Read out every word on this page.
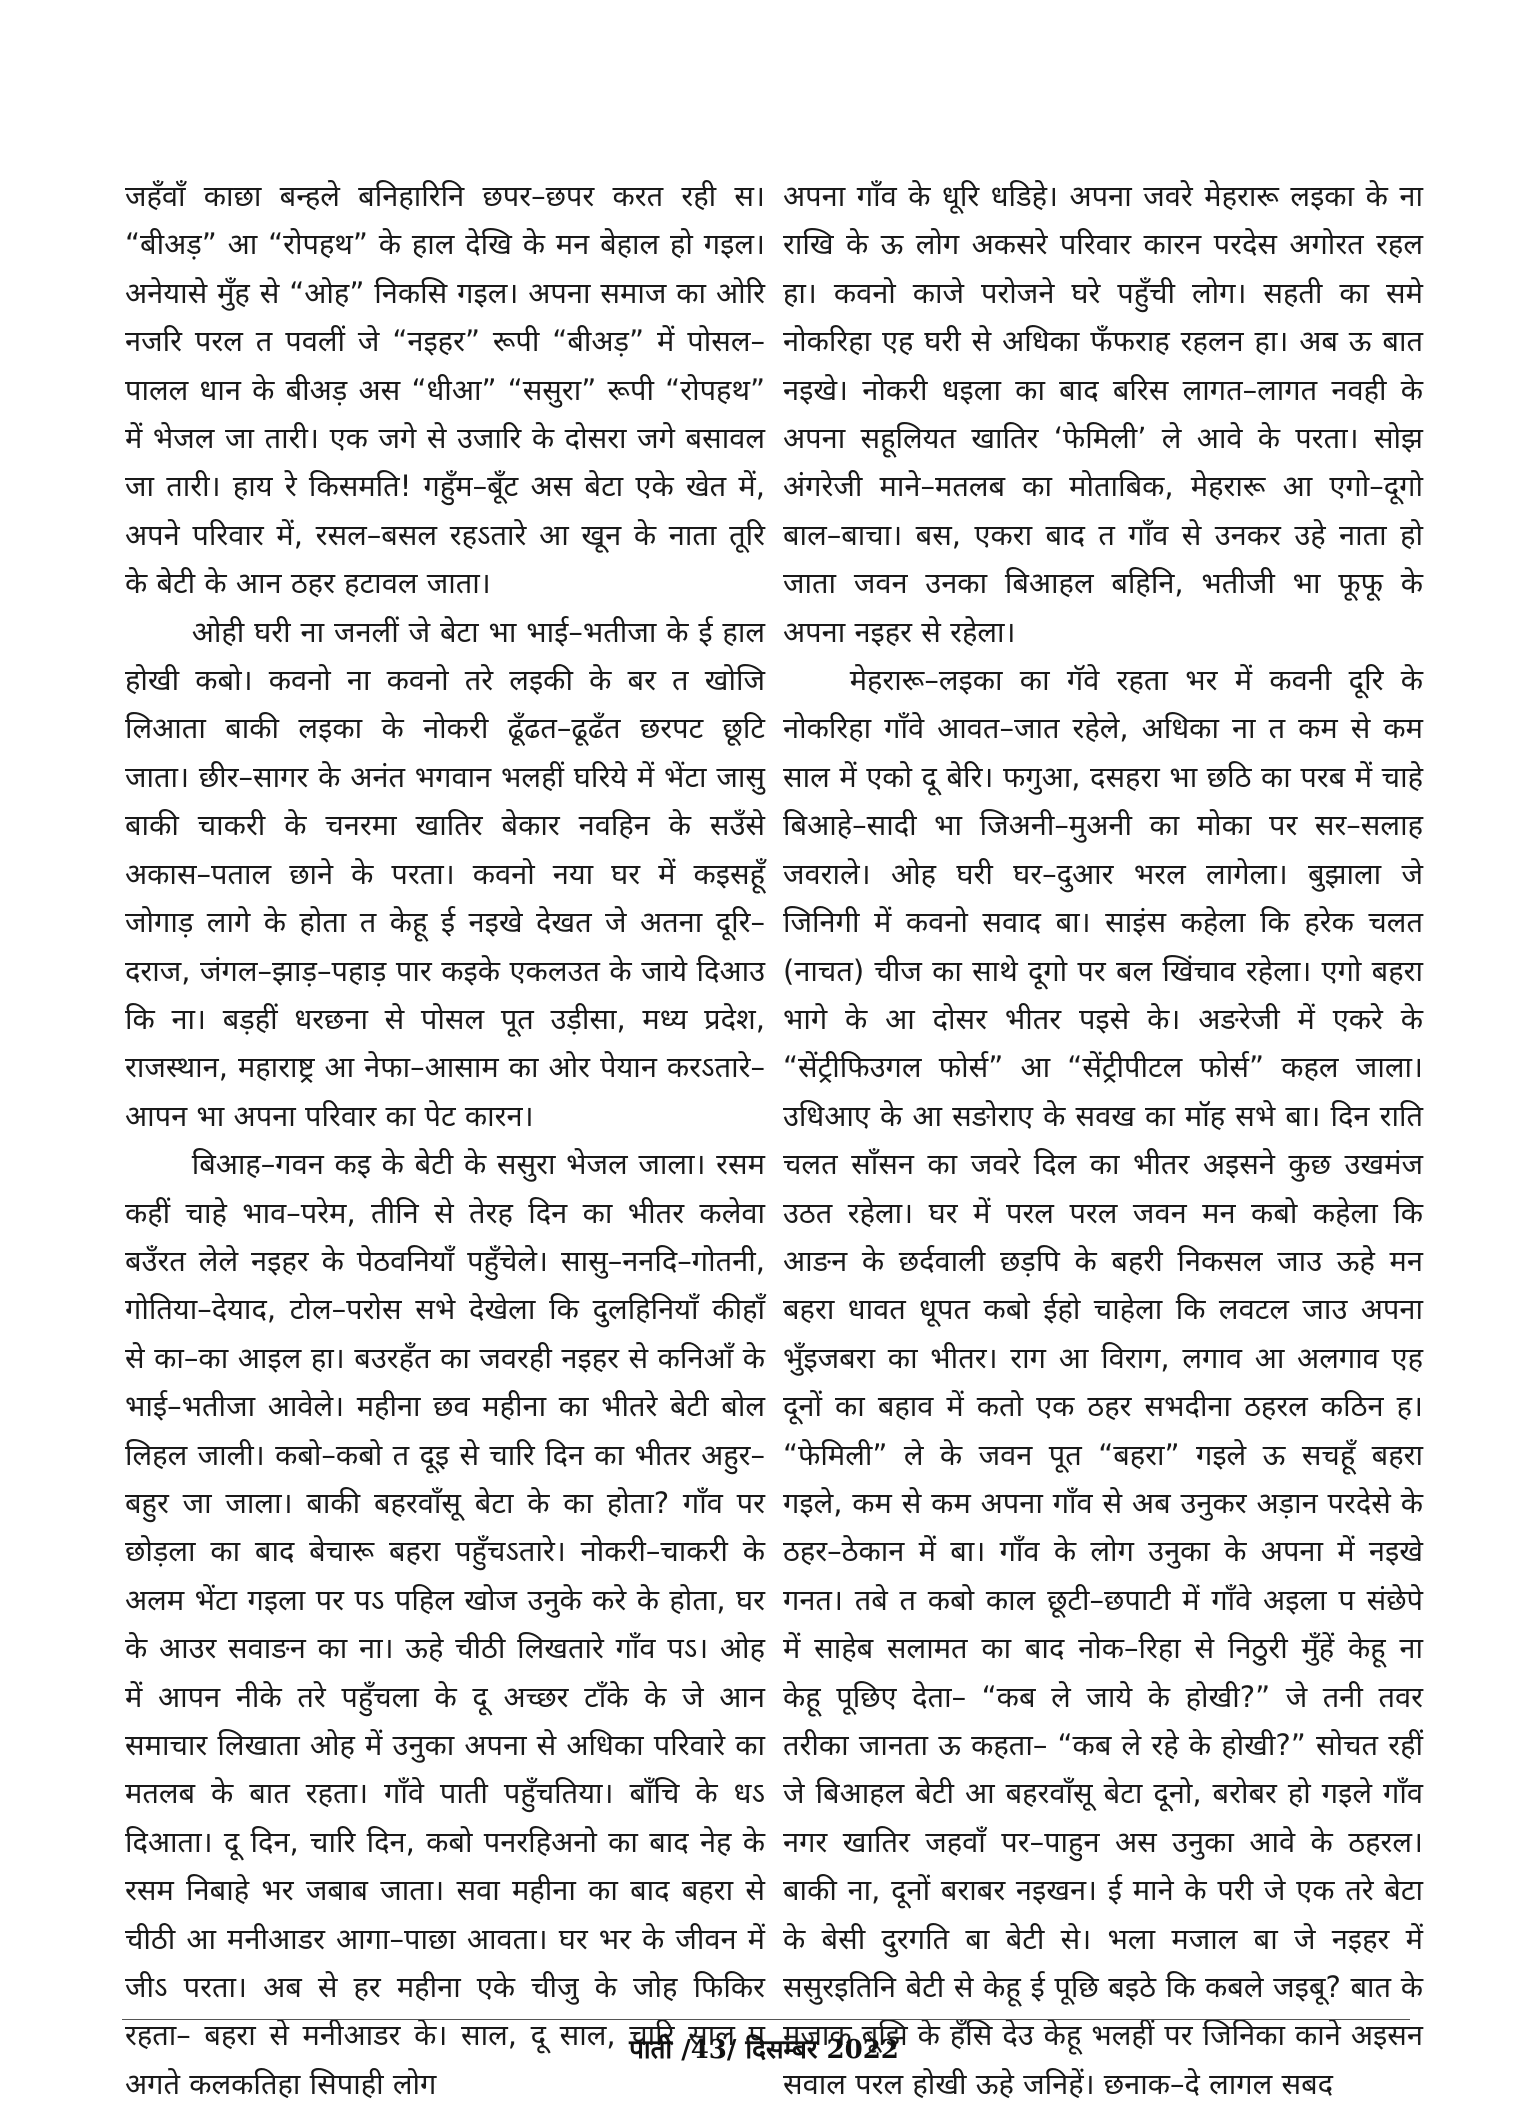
जहँवाँ काछा बन्हले बनिहारिनि छपर–छपर करत रही स। “बीअड़” आ “रोपहथ” के हाल देखि के मन बेहाल हो गइल। अनेयासे मुँह से “ओह” निकसि गइल। अपना समाज का ओरि नजरि परल त पवलीं जे “नइहर” रूपी “बीअड़” में पोसल–पालल धान के बीअड़ अस “धीआ” “ससुरा” रूपी “रोपहथ” में भेजल जा तारी। एक जगे से उजारि के दोसरा जगे बसावल जा तारी। हाय रे किसमति! गहुँम–बूँट अस बेटा एके खेत में, अपने परिवार में, रसल–बसल रहऽतारे आ खून के नाता तूरि के बेटी के आन ठहर हटावल जाता।

ओही घरी ना जनलीं जे बेटा भा भाई–भतीजा के ई हाल होखी कबो। कवनो ना कवनो तरे लइकी के बर त खोजि लिआता बाकी लइका के नोकरी ढूँढत–ढूढँत छरपट छूटि जाता। छीर–सागर के अनंत भगवान भलहीं घरिये में भेंटा जासु बाकी चाकरी के चनरमा खातिर बेकार नवहिन के सउँसे अकास–पताल छाने के परता। कवनो नया घर में कइसहूँ जोगाड़ लागे के होता त केहू ई नइखे देखत जे अतना दूरि–दराज, जंगल–झाड़–पहाड़ पार कइके एकलउत के जाये दिआउ कि ना। बड़हीं धरछना से पोसल पूत उड़ीसा, मध्य प्रदेश, राजस्थान, महाराष्ट्र आ नेफा–आसाम का ओर पेयान करऽतारे– आपन भा अपना परिवार का पेट कारन।

बिआह–गवन कइ के बेटी के ससुरा भेजल जाला। रसम कहीं चाहे भाव–परेम, तीनि से तेरह दिन का भीतर कलेवा बउँरत लेले नइहर के पेठवनियाँ पहुँचेले। सासु–ननदि–गोतनी, गोतिया–देयाद, टोल–परोस सभे देखेला कि दुलहिनियाँ कीहाँ से का–का आइल हा। बउरहँत का जवरही नइहर से कनिआँ के भाई–भतीजा आवेले। महीना छव महीना का भीतरे बेटी बोल लिहल जाली। कबो–कबो त दूइ से चारि दिन का भीतर अहुर–बहुर जा जाला। बाकी बहरवाँसू बेटा के का होता? गाँव पर छोड़ला का बाद बेचारू बहरा पहुँचऽतारे। नोकरी–चाकरी के अलम भेंटा गइला पर पऽ पहिल खोज उनुके करे के होता, घर के आउर सवाङन का ना। ऊहे चीठी लिखतारे गाँव पऽ। ओह में आपन नीके तरे पहुँचला के दू अच्छर टाँके के जे आन समाचार लिखाता ओह में उनुका अपना से अधिका परिवारे का मतलब के बात रहता। गाँवे पाती पहुँचतिया। बाँचि के धऽ दिआता। दू दिन, चारि दिन, कबो पनरहिअनो का बाद नेह के रसम निबाहे भर जबाब जाता। सवा महीना का बाद बहरा से चीठी आ मनीआडर आगा–पाछा आवता। घर भर के जीवन में जीऽ परता। अब से हर महीना एके चीजु के जोह फिकिर रहता– बहरा से मनीआडर के। साल, दू साल, चारि साल प अगते कलकतिहा सिपाही लोग

अपना गाँव के धूरि धडिहे। अपना जवरे मेहरारू लइका के ना राखि के ऊ लोग अकसरे परिवार कारन परदेस अगोरत रहल हा। कवनो काजे परोजने घरे पहुँची लोग। सहती का समे नोकरिहा एह घरी से अधिका फँफराह रहलन हा। अब ऊ बात नइखे। नोकरी धइला का बाद बरिस लागत–लागत नवही के अपना सहूलियत खातिर ‘फेमिली’ ले आवे के परता। सोझ अंगरेजी माने–मतलब का मोताबिक, मेहरारू आ एगो–दूगो बाल–बाचा। बस, एकरा बाद त गाँव से उनकर उहे नाता हो जाता जवन उनका बिआहल बहिनि, भतीजी भा फूफू के अपना नइहर से रहेला।

मेहरारू–लइका का गॅवे रहता भर में कवनी दूरि के नोकरिहा गाँवे आवत–जात रहेले, अधिका ना त कम से कम साल में एको दू बेरि। फगुआ, दसहरा भा छठि का परब में चाहे बिआहे–सादी भा जिअनी–मुअनी का मोका पर सर–सलाह जवराले। ओह घरी घर–दुआर भरल लागेला। बुझाला जे जिनिगी में कवनो सवाद बा। साइंस कहेला कि हरेक चलत (नाचत) चीज का साथे दूगो पर बल खिंचाव रहेला। एगो बहरा भागे के आ दोसर भीतर पइसे के। अङरेजी में एकरे के “सेंट्रीफिउगल फोर्स” आ “सेंट्रीपीटल फोर्स” कहल जाला। उधिआए के आ सङोराए के सवख का मॉह सभे बा। दिन राति चलत साँसन का जवरे दिल का भीतर अइसने कुछ उखमंज उठत रहेला। घर में परल परल जवन मन कबो कहेला कि आङन के छर्दवाली छड़पि के बहरी निकसल जाउ ऊहे मन बहरा धावत धूपत कबो ईहो चाहेला कि लवटल जाउ अपना भुँइजबरा का भीतर। राग आ विराग, लगाव आ अलगाव एह दूनों का बहाव में कतो एक ठहर सभदीना ठहरल कठिन ह। “फेमिली” ले के जवन पूत “बहरा” गइले ऊ सचहूँ बहरा गइले, कम से कम अपना गाँव से अब उनुकर अड़ान परदेसे के ठहर–ठेकान में बा। गाँव के लोग उनुका के अपना में नइखे गनत। तबे त कबो काल छूटी–छपाटी में गाँवे अइला प संछेपे में साहेब सलामत का बाद नोक–रिहा से निठुरी मुँहें केहू ना केहू पूछिए देता– “कब ले जाये के होखी?” जे तनी तवर तरीका जानता ऊ कहता– “कब ले रहे के होखी?” सोचत रहीं जे बिआहल बेटी आ बहरवाँसू बेटा दूनो, बरोबर हो गइले गाँव नगर खातिर जहवाँ पर–पाहुन अस उनुका आवे के ठहरल। बाकी ना, दूनों बराबर नइखन। ई माने के परी जे एक तरे बेटा के बेसी दुरगति बा बेटी से। भला मजाल बा जे नइहर में ससुरइतिनि बेटी से केहू ई पूछि बइठे कि कबले जइबू? बात के मजाक बूझि के हँसि देउ केहू भलहीं पर जिनिका काने अइसन सवाल परल होखी ऊहे जनिहें। छनाक–दे लागल सबद

पाती /43/ दिसम्बर 2022
